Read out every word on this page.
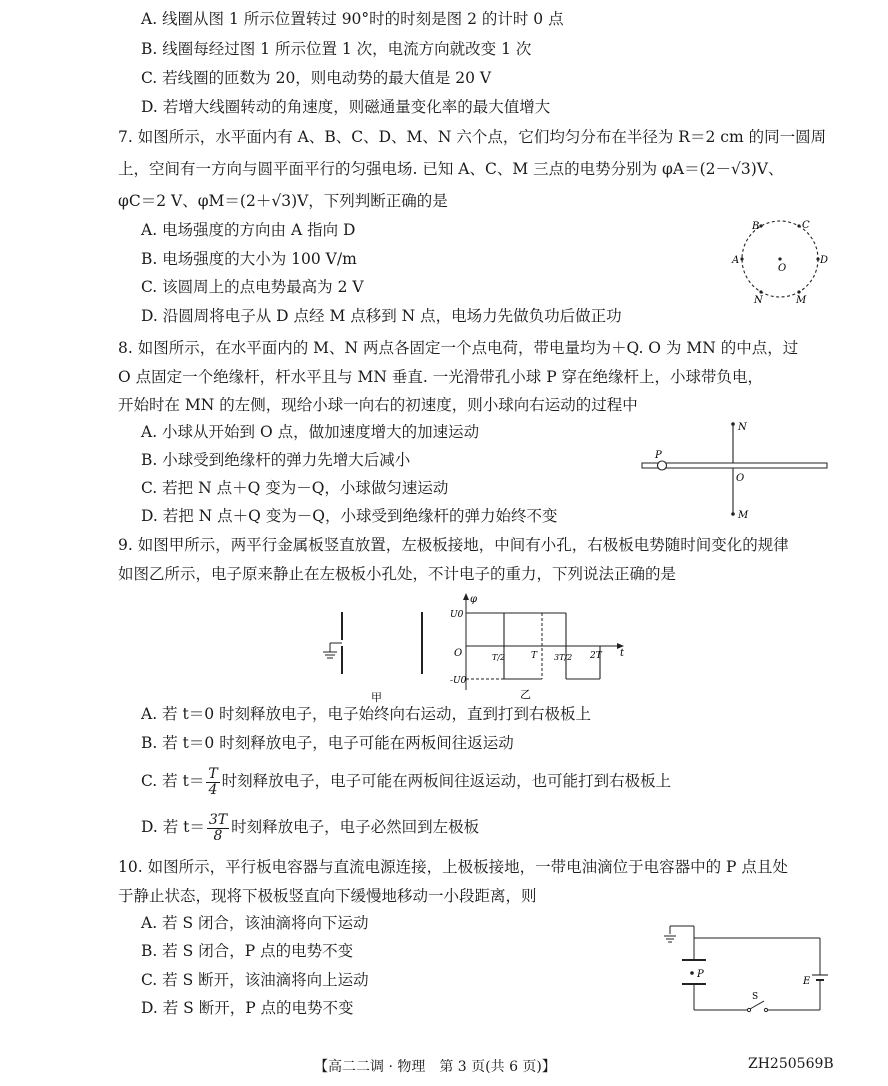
A. 线圈从图 1 所示位置转过 90°时的时刻是图 2 的计时 0 点
B. 线圈每经过图 1 所示位置 1 次，电流方向就改变 1 次
C. 若线圈的匝数为 20，则电动势的最大值是 20 V
D. 若增大线圈转动的角速度，则磁通量变化率的最大值增大
7. 如图所示，水平面内有 A、B、C、D、M、N 六个点，它们均匀分布在半径为 R＝2 cm 的同一圆周
上，空间有一方向与圆平面平行的匀强电场. 已知 A、C、M 三点的电势分别为 φA＝(2－√3)V、
φC＝2 V、φM＝(2＋√3)V，下列判断正确的是
A. 电场强度的方向由 A 指向 D
B. 电场强度的大小为 100 V/m
C. 该圆周上的点电势最高为 2 V
D. 沿圆周将电子从 D 点经 M 点移到 N 点，电场力先做负功后做正功
B	C
A
O
D
N	M
8. 如图所示，在水平面内的 M、N 两点各固定一个点电荷，带电量均为＋Q. O 为 MN 的中点，过
O 点固定一个绝缘杆，杆水平且与 MN 垂直. 一光滑带孔小球 P 穿在绝缘杆上，小球带负电，
开始时在 MN 的左侧，现给小球一向右的初速度，则小球向右运动的过程中
A. 小球从开始到 O 点，做加速度增大的加速运动
B. 小球受到绝缘杆的弹力先增大后减小
C. 若把 N 点＋Q 变为－Q，小球做匀速运动
D. 若把 N 点＋Q 变为－Q，小球受到绝缘杆的弹力始终不变
N
P
O
M
9. 如图甲所示，两平行金属板竖直放置，左极板接地，中间有小孔，右极板电势随时间变化的规律
如图乙所示，电子原来静止在左极板小孔处，不计电子的重力，下列说法正确的是
甲
φ
U0
-U0
O	t
T/2	T 3T/2 2T
乙
A. 若 t＝0 时刻释放电子，电子始终向右运动，直到打到右极板上
B. 若 t＝0 时刻释放电子，电子可能在两板间往返运动
C. 若 $t= \frac{T}{4}$ 时刻释放电子，电子可能在两板间往返运动，也可能打到右极板上
D. 若 $t= \frac{3T}{8}$ 时刻释放电子，电子必然回到左极板
10. 如图所示，平行板电容器与直流电源连接，上极板接地，一带电油滴位于电容器中的 P 点且处
于静止状态，现将下极板竖直向下缓慢地移动一小段距离，则
A. 若 S 闭合，该油滴将向下运动
B. 若 S 闭合，P 点的电势不变
C. 若 S 断开，该油滴将向上运动
D. 若 S 断开，P 点的电势不变
P
E
S
【高二二调 · 物理　第 3 页(共 6 页)】	ZH250569B
